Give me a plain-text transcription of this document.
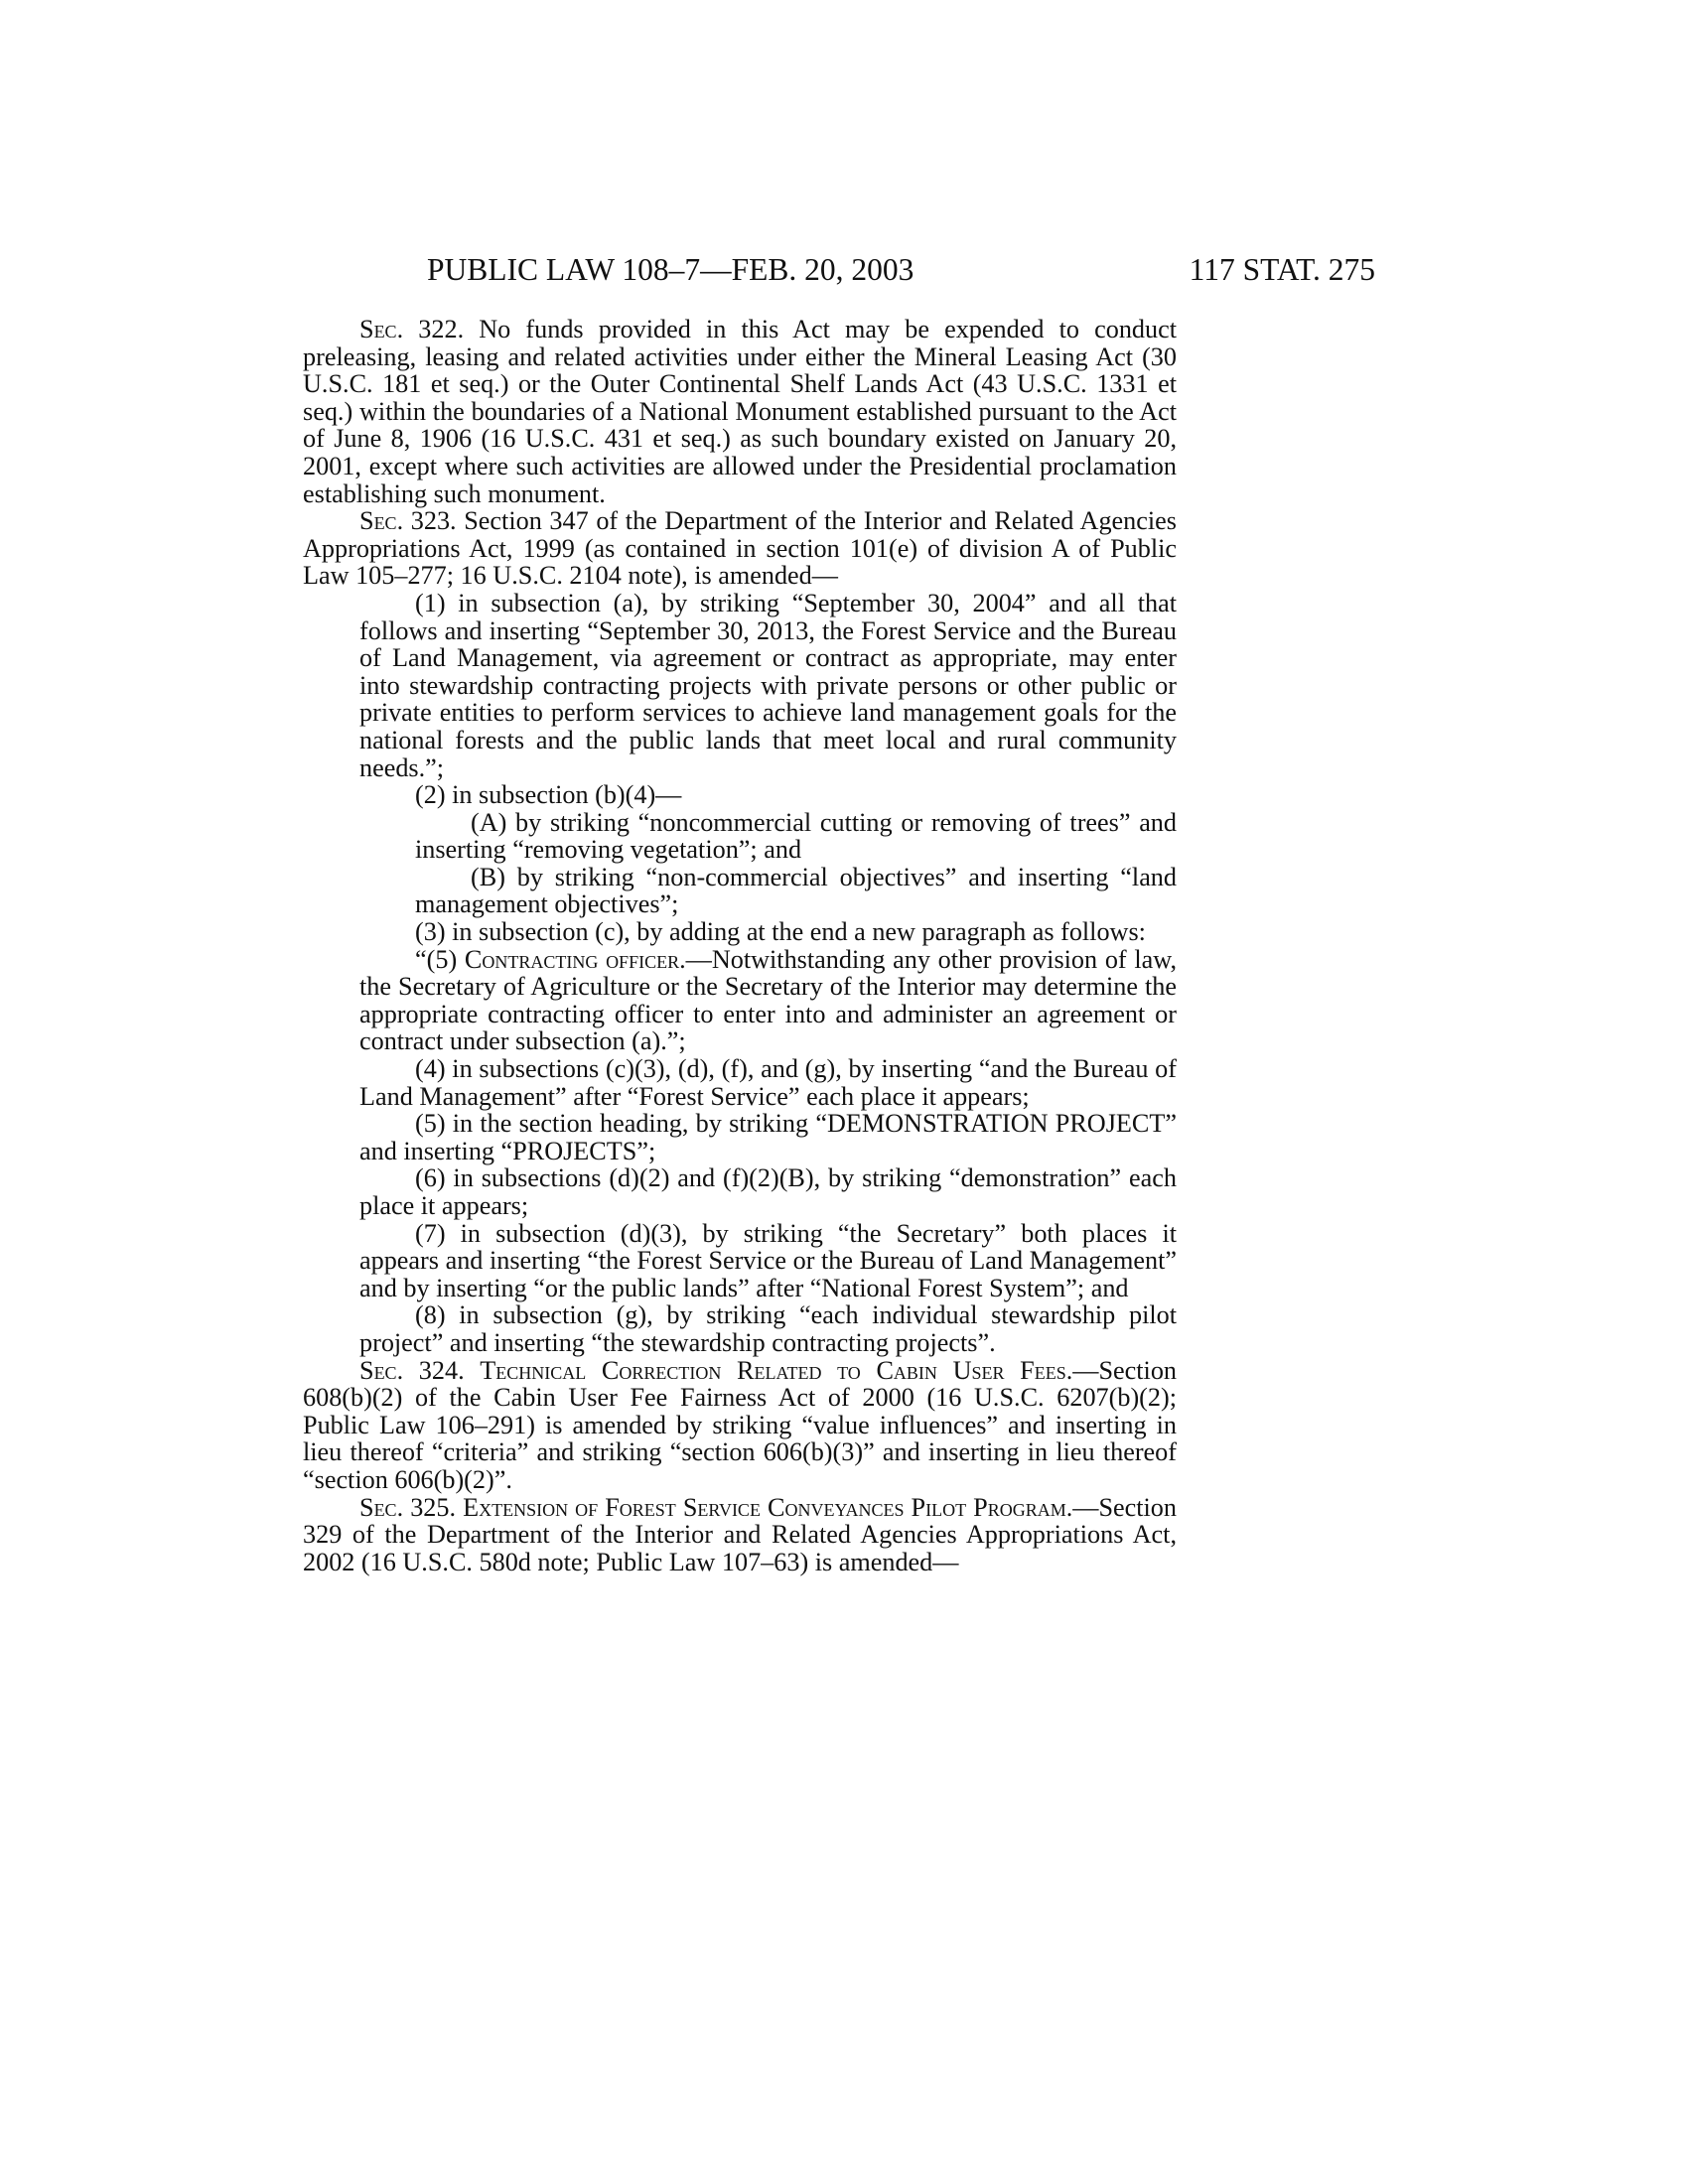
PUBLIC LAW 108–7—FEB. 20, 2003	117 STAT. 275

Sec. 322. No funds provided in this Act may be expended to conduct preleasing, leasing and related activities under either the Mineral Leasing Act (30 U.S.C. 181 et seq.) or the Outer Continental Shelf Lands Act (43 U.S.C. 1331 et seq.) within the boundaries of a National Monument established pursuant to the Act of June 8, 1906 (16 U.S.C. 431 et seq.) as such boundary existed on January 20, 2001, except where such activities are allowed under the Presidential proclamation establishing such monument.

Sec. 323. Section 347 of the Department of the Interior and Related Agencies Appropriations Act, 1999 (as contained in section 101(e) of division A of Public Law 105–277; 16 U.S.C. 2104 note), is amended—

(1) in subsection (a), by striking “September 30, 2004” and all that follows and inserting “September 30, 2013, the Forest Service and the Bureau of Land Management, via agreement or contract as appropriate, may enter into stewardship contracting projects with private persons or other public or private entities to perform services to achieve land management goals for the national forests and the public lands that meet local and rural community needs.”;

(2) in subsection (b)(4)—

(A) by striking “noncommercial cutting or removing of trees” and inserting “removing vegetation”; and

(B) by striking “non-commercial objectives” and inserting “land management objectives”;

(3) in subsection (c), by adding at the end a new paragraph as follows:

“(5) Contracting officer.—Notwithstanding any other provision of law, the Secretary of Agriculture or the Secretary of the Interior may determine the appropriate contracting officer to enter into and administer an agreement or contract under subsection (a).”;

(4) in subsections (c)(3), (d), (f), and (g), by inserting “and the Bureau of Land Management” after “Forest Service” each place it appears;

(5) in the section heading, by striking “DEMONSTRATION PROJECT” and inserting “PROJECTS”;

(6) in subsections (d)(2) and (f)(2)(B), by striking “demonstration” each place it appears;

(7) in subsection (d)(3), by striking “the Secretary” both places it appears and inserting “the Forest Service or the Bureau of Land Management” and by inserting “or the public lands” after “National Forest System”; and

(8) in subsection (g), by striking “each individual stewardship pilot project” and inserting “the stewardship contracting projects”.

Sec. 324. Technical Correction Related to Cabin User Fees.—Section 608(b)(2) of the Cabin User Fee Fairness Act of 2000 (16 U.S.C. 6207(b)(2); Public Law 106–291) is amended by striking “value influences” and inserting in lieu thereof “criteria” and striking “section 606(b)(3)” and inserting in lieu thereof “section 606(b)(2)”.

Sec. 325. Extension of Forest Service Conveyances Pilot Program.—Section 329 of the Department of the Interior and Related Agencies Appropriations Act, 2002 (16 U.S.C. 580d note; Public Law 107–63) is amended—
